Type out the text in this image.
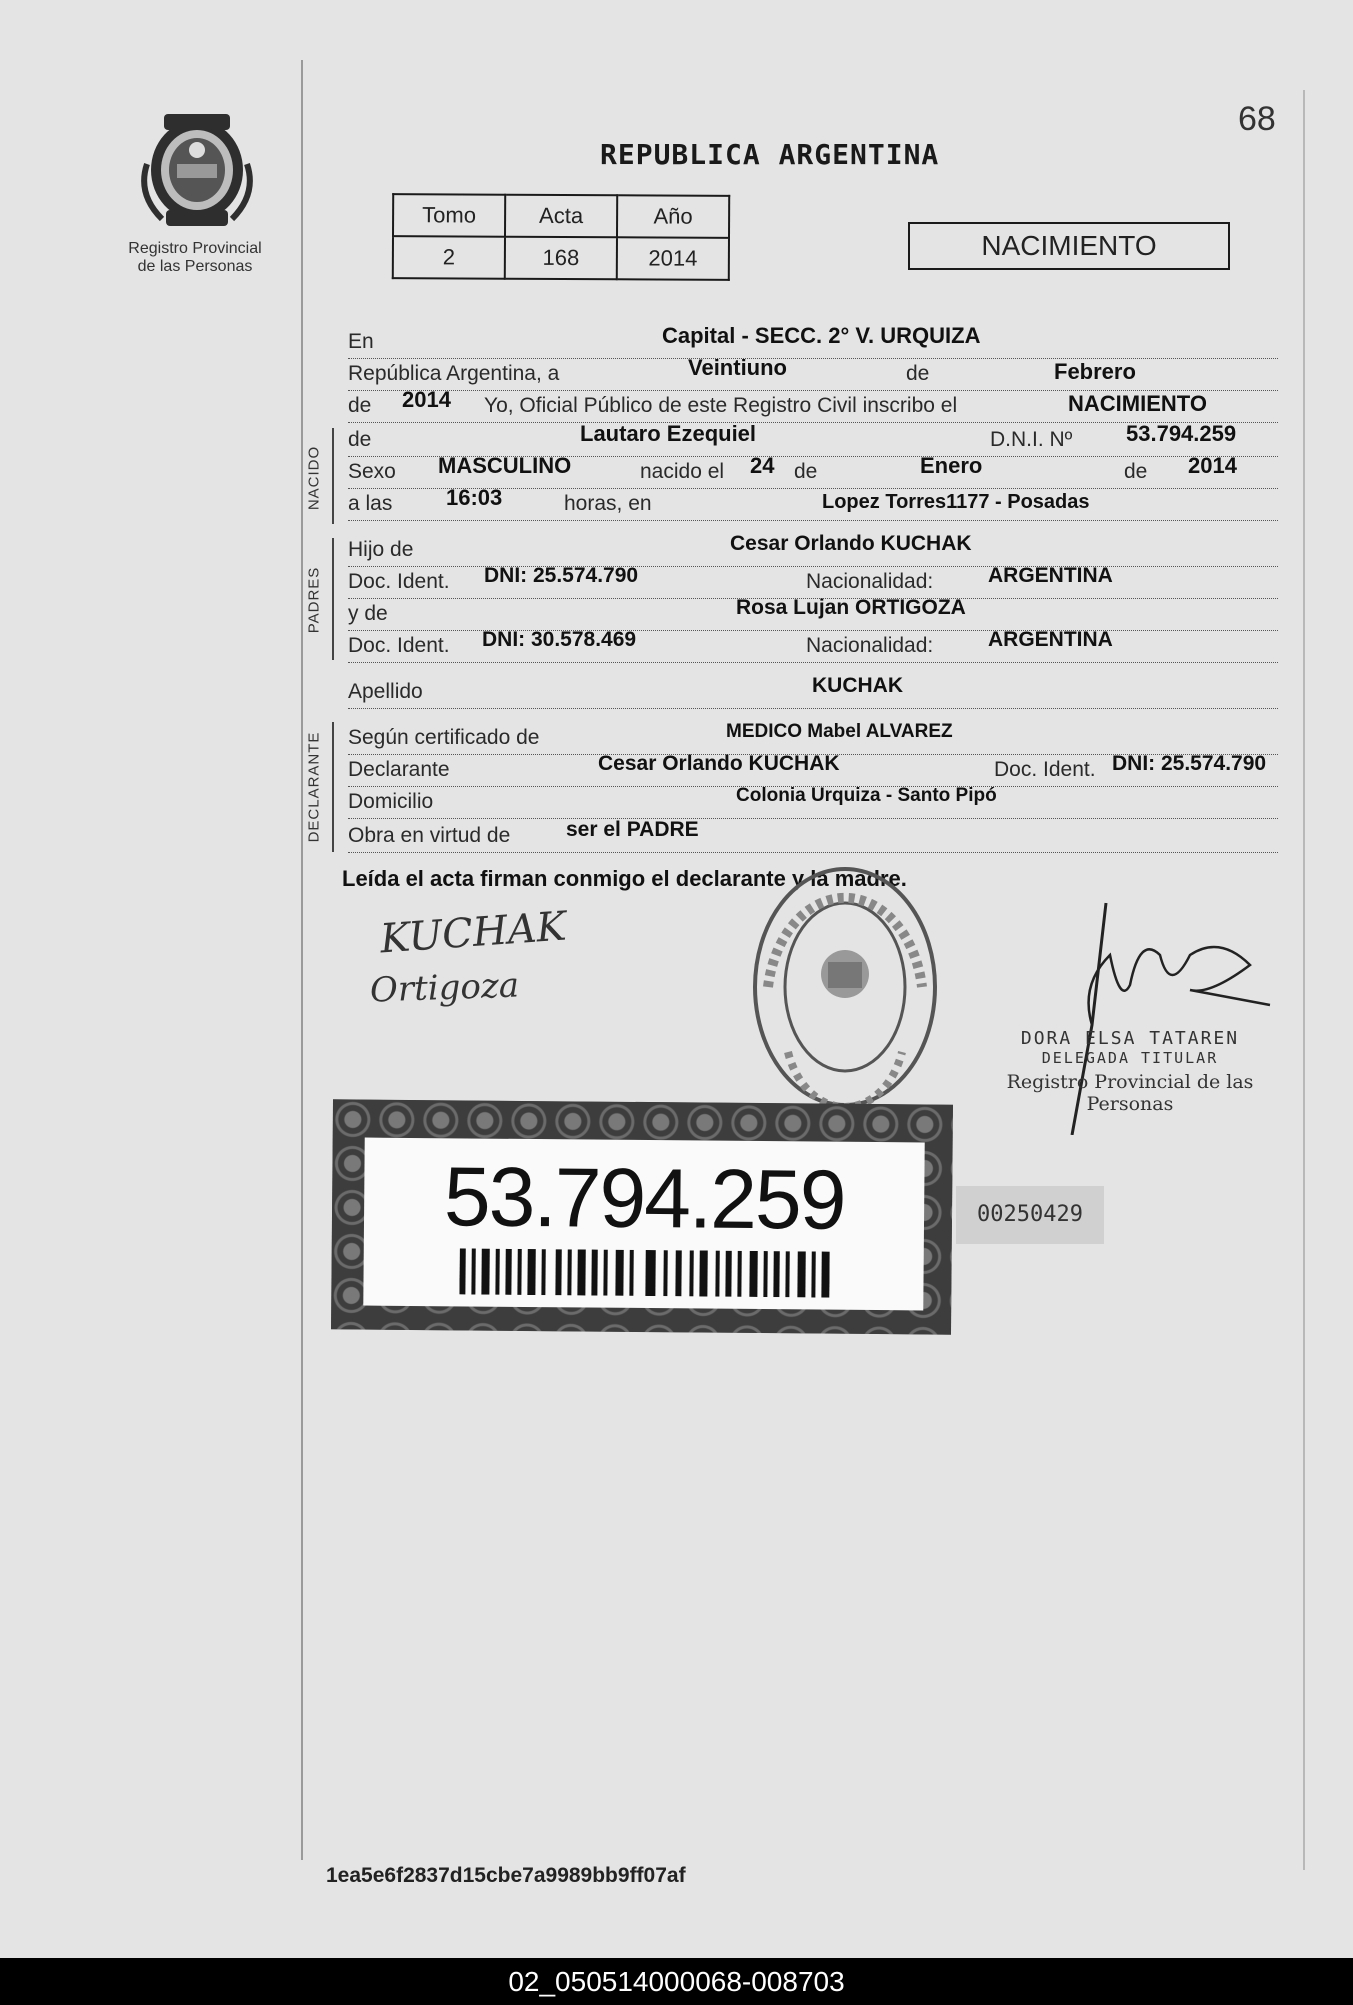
Registro Provincial
de las Personas
68
REPUBLICA ARGENTINA
Tomo	Acta	Año
2	168	2014	NACIMIENTO
NACIDO
PADRES
DECLARANTE
En	Capital - SECC. 2° V. URQUIZA
República Argentina, a	Veintiuno	de	Febrero
de 2014 Yo, Oficial Público de este Registro Civil inscribo el	NACIMIENTO
de	Lautaro Ezequiel	D.N.I. Nº 53.794.259
Sexo MASCULINO	nacido el 24 de	Enero	de 2014
a las 16:03	horas, en	Lopez Torres1177 - Posadas
Hijo de	Cesar Orlando KUCHAK
Doc. Ident. DNI: 25.574.790	Nacionalidad:	ARGENTINA
y de	Rosa Lujan ORTIGOZA
Doc. Ident. DNI: 30.578.469	Nacionalidad:	ARGENTINA
Apellido	KUCHAK
Según certificado de	MEDICO Mabel ALVAREZ
Declarante	Cesar Orlando KUCHAK	Doc. Ident. DNI: 25.574.790
Domicilio	Colonia Urquiza - Santo Pipó
Obra en virtud de	ser el PADRE
Leída el acta firman conmigo el declarante y la madre.
KUCHAK
Ortigoza
DORA ELSA TATAREN
DELEGADA TITULAR
Registro Provincial de las Personas
53.794.259	00250429
1ea5e6f2837d15cbe7a9989bb9ff07af
02_050514000068-008703
